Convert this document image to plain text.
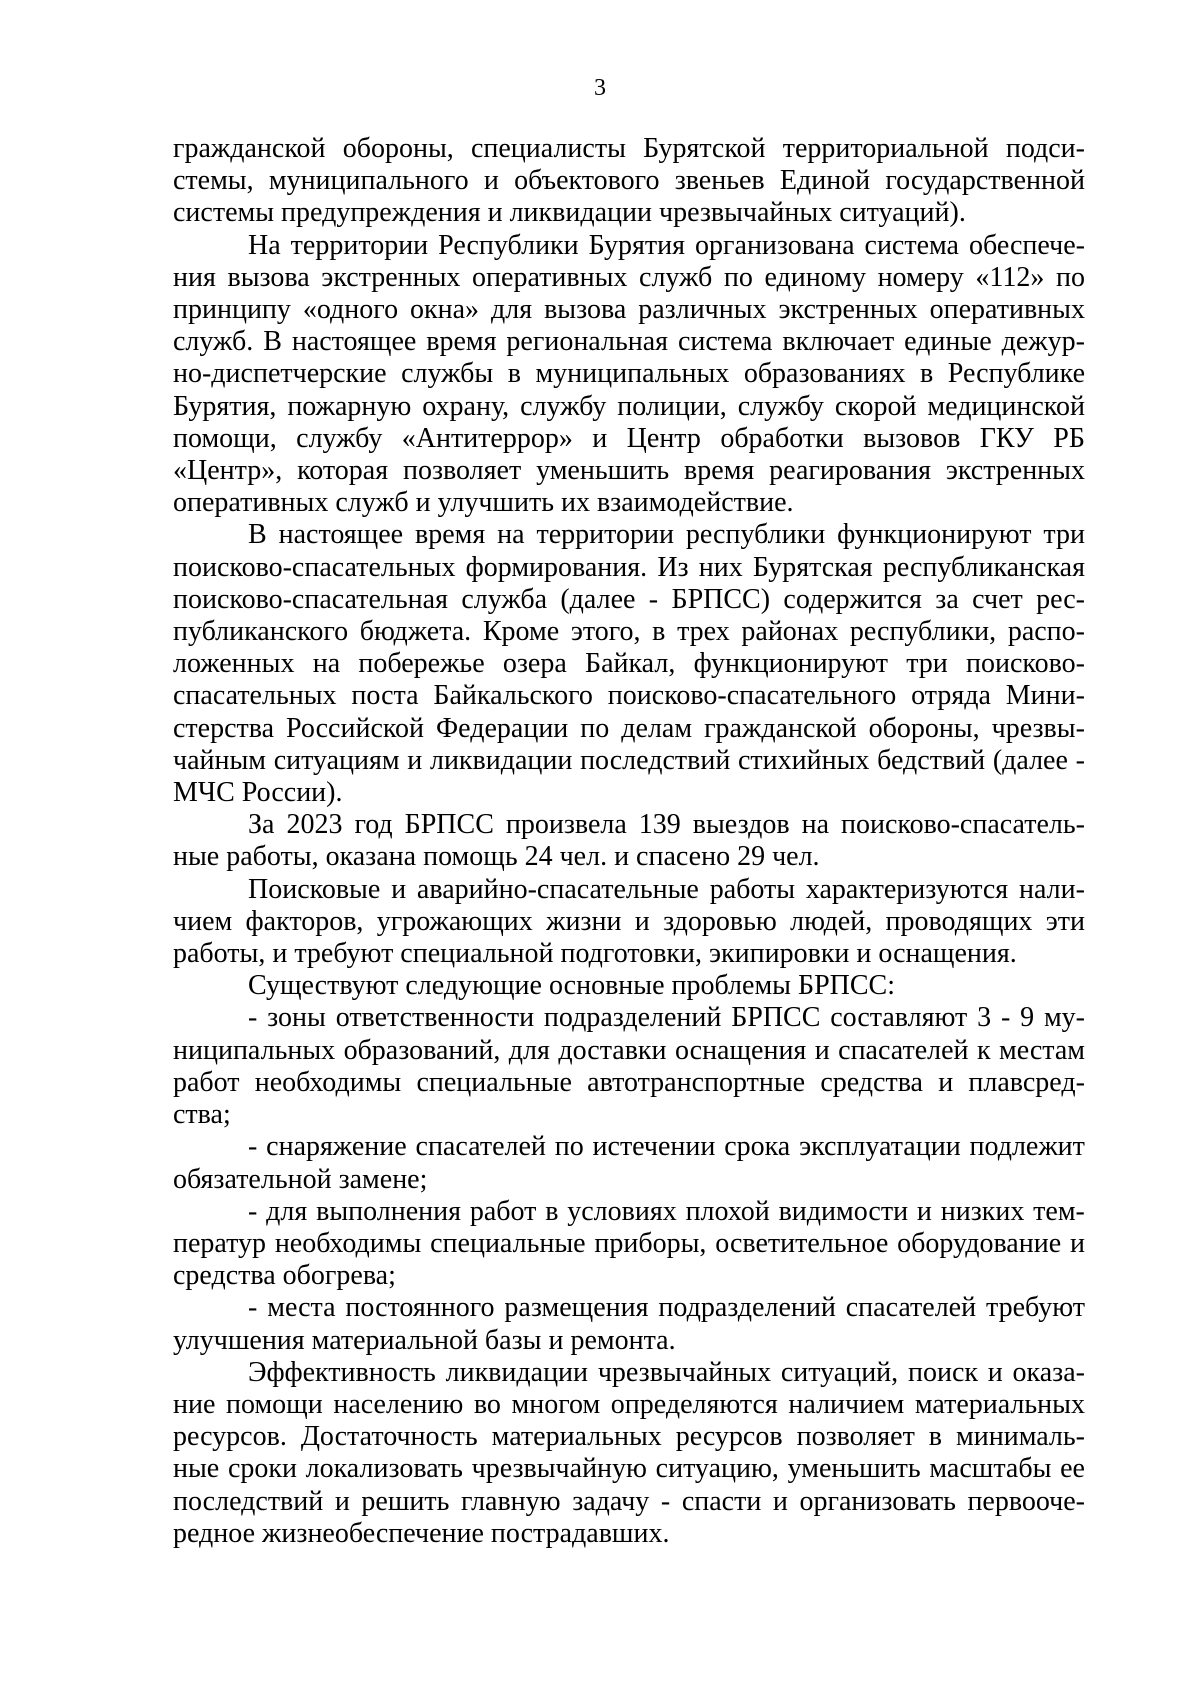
3

гражданской обороны, специалисты Бурятской территориальной подси-
стемы, муниципального и объектового звеньев Единой государственной
системы предупреждения и ликвидации чрезвычайных ситуаций).

На территории Республики Бурятия организована система обеспече-
ния вызова экстренных оперативных служб по единому номеру «112» по
принципу «одного окна» для вызова различных экстренных оперативных
служб. В настоящее время региональная система включает единые дежур-
но-диспетчерские службы в муниципальных образованиях в Республике
Бурятия, пожарную охрану, службу полиции, службу скорой медицинской
помощи, службу «Антитеррор» и Центр обработки вызовов ГКУ РБ
«Центр», которая позволяет уменьшить время реагирования экстренных
оперативных служб и улучшить их взаимодействие.

В настоящее время на территории республики функционируют три
поисково-спасательных формирования. Из них Бурятская республиканская
поисково-спасательная служба (далее - БРПСС) содержится за счет рес-
публиканского бюджета. Кроме этого, в трех районах республики, распо-
ложенных на побережье озера Байкал, функционируют три поисково-
спасательных поста Байкальского поисково-спасательного отряда Мини-
стерства Российской Федерации по делам гражданской обороны, чрезвы-
чайным ситуациям и ликвидации последствий стихийных бедствий (далее -
МЧС России).

За 2023 год БРПСС произвела 139 выездов на поисково-спасатель-
ные работы, оказана помощь 24 чел. и спасено 29 чел.

Поисковые и аварийно-спасательные работы характеризуются нали-
чием факторов, угрожающих жизни и здоровью людей, проводящих эти
работы, и требуют специальной подготовки, экипировки и оснащения.

Существуют следующие основные проблемы БРПСС:

- зоны ответственности подразделений БРПСС составляют 3 - 9 му-
ниципальных образований, для доставки оснащения и спасателей к местам
работ необходимы специальные автотранспортные средства и плавсред-
ства;

- снаряжение спасателей по истечении срока эксплуатации подлежит
обязательной замене;

- для выполнения работ в условиях плохой видимости и низких тем-
ператур необходимы специальные приборы, осветительное оборудование и
средства обогрева;

- места постоянного размещения подразделений спасателей требуют
улучшения материальной базы и ремонта.

Эффективность ликвидации чрезвычайных ситуаций, поиск и оказа-
ние помощи населению во многом определяются наличием материальных
ресурсов. Достаточность материальных ресурсов позволяет в минималь-
ные сроки локализовать чрезвычайную ситуацию, уменьшить масштабы ее
последствий и решить главную задачу - спасти и организовать первооче-
редное жизнеобеспечение пострадавших.
